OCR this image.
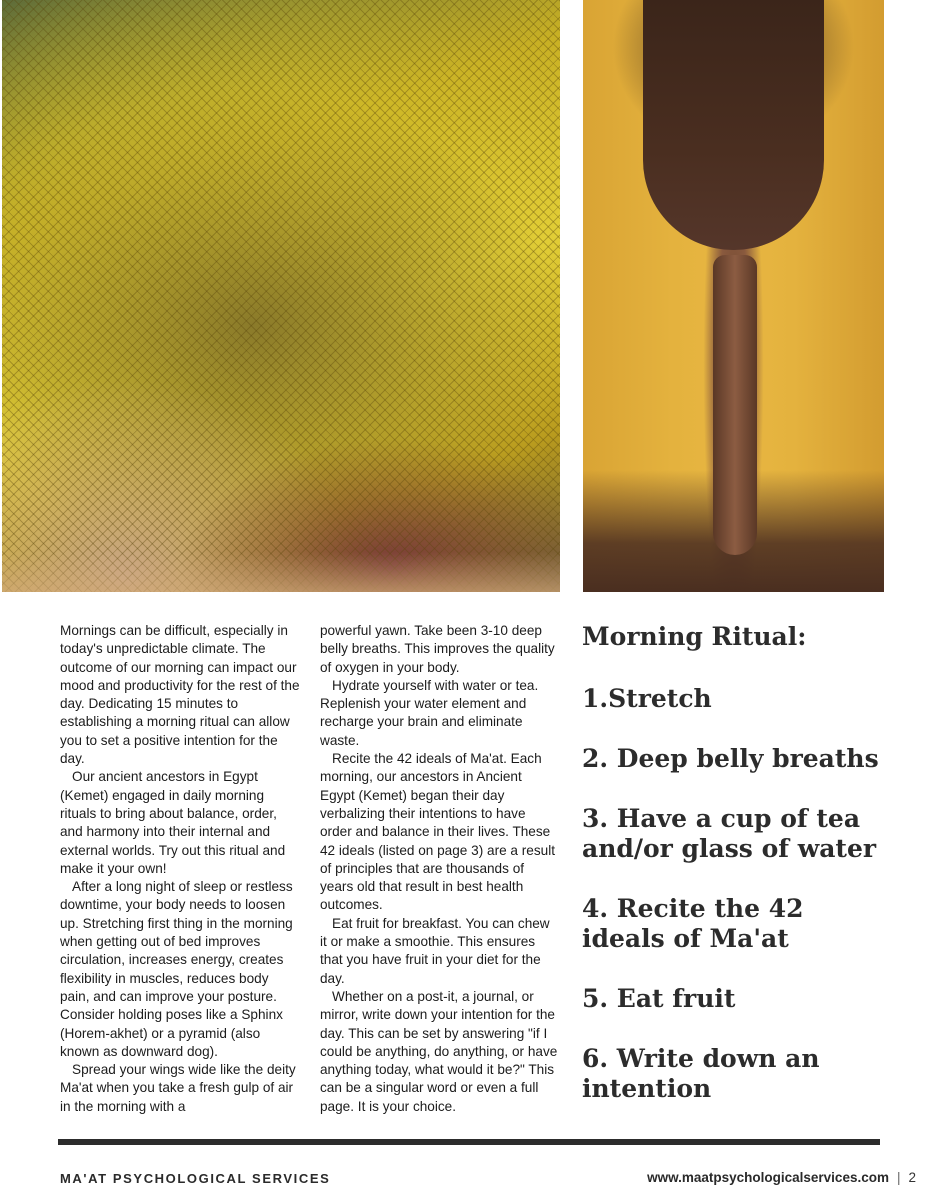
Mornings can be difficult, especially in today's unpredictable climate. The outcome of our morning can impact our mood and productivity for the rest of the day. Dedicating 15 minutes to establishing a morning ritual can allow you to set a positive intention for the day.

Our ancient ancestors in Egypt (Kemet) engaged in daily morning rituals to bring about balance, order, and harmony into their internal and external worlds. Try out this ritual and make it your own!

After a long night of sleep or restless downtime, your body needs to loosen up. Stretching first thing in the morning when getting out of bed improves circulation, increases energy, creates flexibility in muscles, reduces body pain, and can improve your posture. Consider holding poses like a Sphinx (Horem-akhet) or a pyramid (also known as downward dog).

Spread your wings wide like the deity Ma'at when you take a fresh gulp of air in the morning with a

powerful yawn. Take been 3-10 deep belly breaths. This improves the quality of oxygen in your body.

Hydrate yourself with water or tea. Replenish your water element and recharge your brain and eliminate waste.

Recite the 42 ideals of Ma'at. Each morning, our ancestors in Ancient Egypt (Kemet) began their day verbalizing their intentions to have order and balance in their lives. These 42 ideals (listed on page 3) are a result of principles that are thousands of years old that result in best health outcomes.

Eat fruit for breakfast. You can chew it or make a smoothie. This ensures that you have fruit in your diet for the day.

Whether on a post-it, a journal, or mirror, write down your intention for the day. This can be set by answering "if I could be anything, do anything, or have anything today, what would it be?" This can be a singular word or even a full page. It is your choice.

Morning Ritual:
1.Stretch
2. Deep belly breaths
3. Have a cup of tea and/or glass of water
4. Recite the 42 ideals of Ma'at
5. Eat fruit
6. Write down an intention
MA'AT PSYCHOLOGICAL SERVICES	www.maatpsychologicalservices.com | 2
